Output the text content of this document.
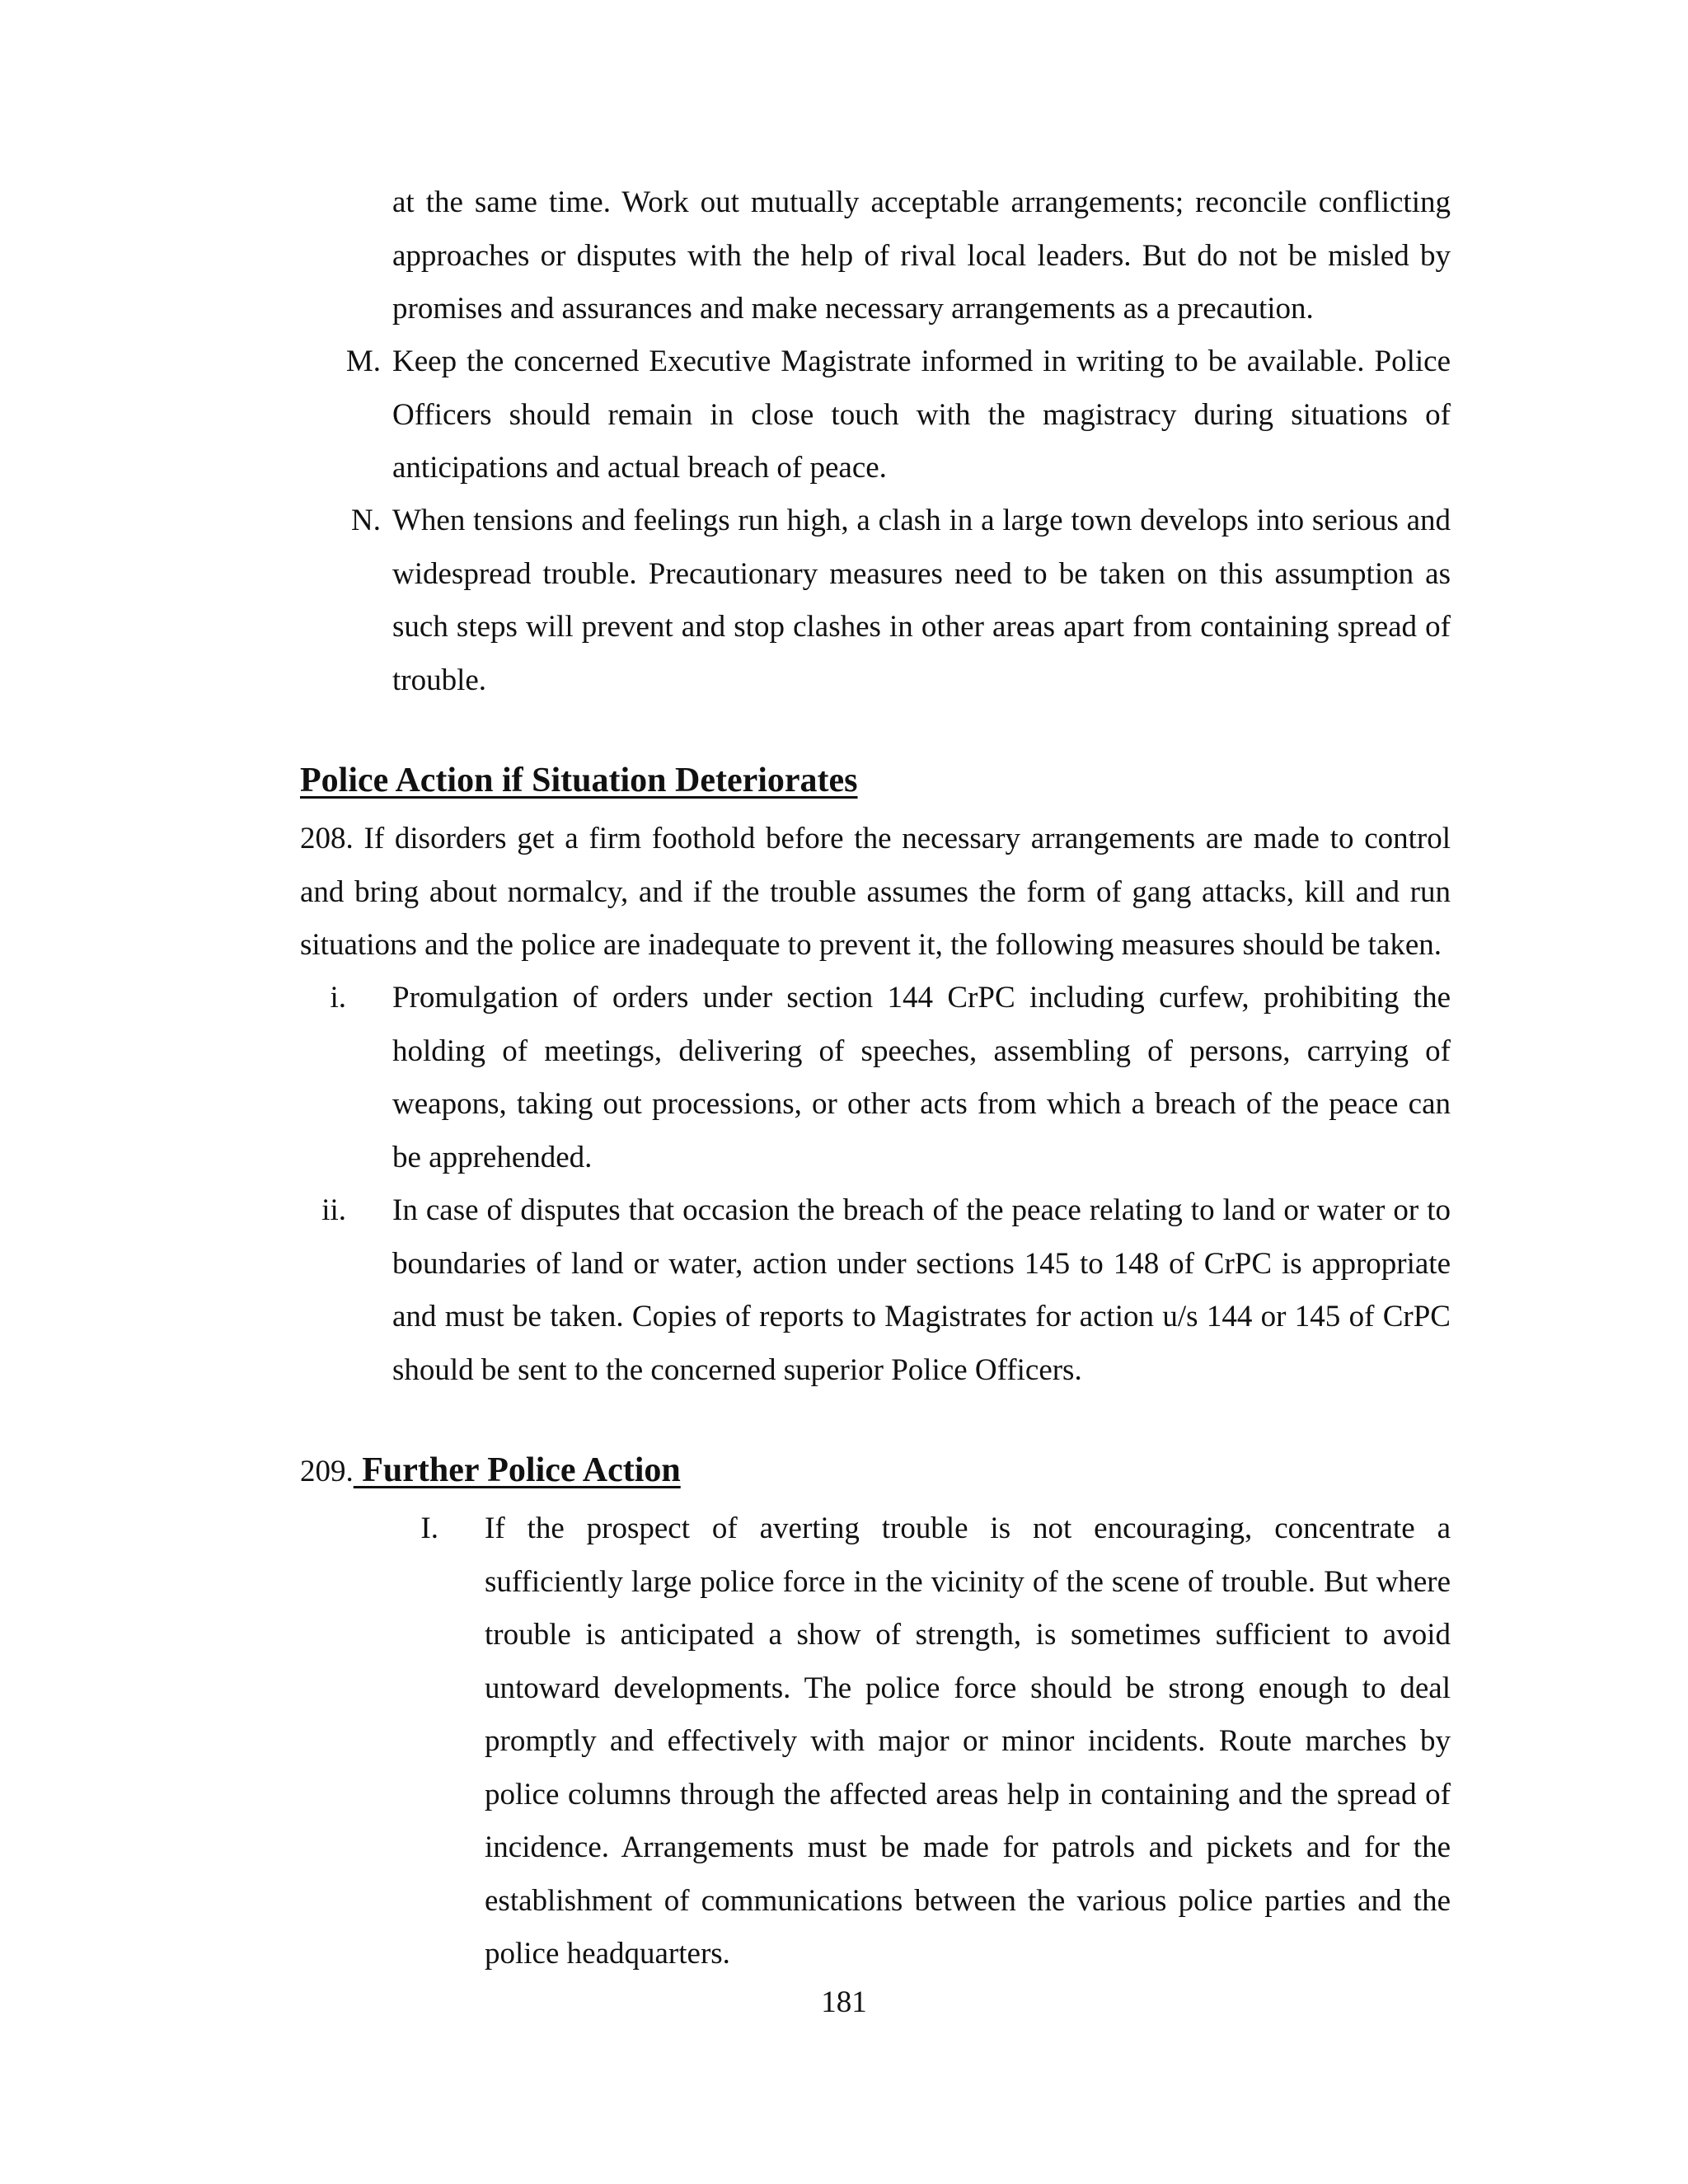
at the same time. Work out mutually acceptable arrangements; reconcile conflicting approaches or disputes with the help of rival local leaders. But do not be misled by promises and assurances and make necessary arrangements as a precaution.

M. Keep the concerned Executive Magistrate informed in writing to be available. Police Officers should remain in close touch with the magistracy during situations of anticipations and actual breach of peace.

N. When tensions and feelings run high, a clash in a large town develops into serious and widespread trouble. Precautionary measures need to be taken on this assumption as such steps will prevent and stop clashes in other areas apart from containing spread of trouble.

Police Action if Situation Deteriorates

208. If disorders get a firm foothold before the necessary arrangements are made to control and bring about normalcy, and if the trouble assumes the form of gang attacks, kill and run situations and the police are inadequate to prevent it, the following measures should be taken.

i. Promulgation of orders under section 144 CrPC including curfew, prohibiting the holding of meetings, delivering of speeches, assembling of persons, carrying of weapons, taking out processions, or other acts from which a breach of the peace can be apprehended.

ii. In case of disputes that occasion the breach of the peace relating to land or water or to boundaries of land or water, action under sections 145 to 148 of CrPC is appropriate and must be taken. Copies of reports to Magistrates for action u/s 144 or 145 of CrPC should be sent to the concerned superior Police Officers.

209. Further Police Action
I. If the prospect of averting trouble is not encouraging, concentrate a sufficiently large police force in the vicinity of the scene of trouble. But where trouble is anticipated a show of strength, is sometimes sufficient to avoid untoward developments. The police force should be strong enough to deal promptly and effectively with major or minor incidents. Route marches by police columns through the affected areas help in containing and the spread of incidence. Arrangements must be made for patrols and pickets and for the establishment of communications between the various police parties and the police headquarters.

181
